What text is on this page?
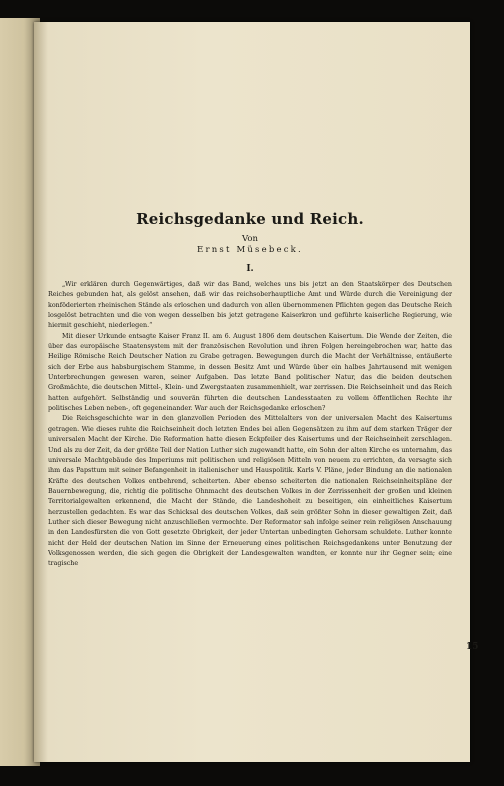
Reichsgedanke und Reich.

Von

Ernst Müsebeck.

I.

„Wir erklären durch Gegenwärtiges, daß wir das Band, welches uns bis jetzt an den Staatskörper des Deutschen Reiches gebunden hat, als gelöst ansehen, daß wir das reichsoberhauptliche Amt und Würde durch die Vereinigung der konföderierten rheinischen Stände als erloschen und dadurch von allen übernommenen Pflichten gegen das Deutsche Reich losgelöst betrachten und die von wegen desselben bis jetzt getragene Kaiserkron und geführte kaiserliche Regierung, wie hiermit geschieht, niederlegen.“

Mit dieser Urkunde entsagte Kaiser Franz II. am 6. August 1806 dem deutschen Kaisertum. Die Wende der Zeiten, die über das europäische Staatensystem mit der französischen Revolution und ihren Folgen hereingebrochen war, hatte das Heilige Römische Reich Deutscher Nation zu Grabe getragen. Bewegungen durch die Macht der Verhältnisse, entäußerte sich der Erbe aus habsburgischem Stamme, in dessen Besitz Amt und Würde über ein halbes Jahrtausend mit wenigen Unterbrechungen gewesen waren, seiner Aufgaben. Das letzte Band politischer Natur, das die beiden deutschen Großmächte, die deutschen Mittel-, Klein- und Zwergstaaten zusammenhielt, war zerrissen. Die Reichseinheit und das Reich hatten aufgehört. Selbständig und souverän führten die deutschen Landesstaaten zu vollem öffentlichen Rechte ihr politisches Leben neben-, oft gegeneinander. War auch der Reichsgedanke erloschen?

Die Reichsgeschichte war in den glanzvollen Perioden des Mittelalters von der universalen Macht des Kaisertums getragen. Wie dieses ruhte die Reichseinheit doch letzten Endes bei allen Gegensätzen zu ihm auf dem starken Träger der universalen Macht der Kirche. Die Reformation hatte diesen Eckpfeiler des Kaisertums und der Reichseinheit zerschlagen. Und als zu der Zeit, da der größte Teil der Nation Luther sich zugewandt hatte, ein Sohn der alten Kirche es unternahm, das universale Machtgebäude des Imperiums mit politischen und religiösen Mitteln von neuem zu errichten, da versagte sich ihm das Papsttum mit seiner Befangenheit in italienischer und Hauspolitik. Karls V. Pläne, jeder Bindung an die nationalen Kräfte des deutschen Volkes entbehrend, scheiterten. Aber ebenso scheiterten die nationalen Reichseinheitspläne der Bauernbewegung, die, richtig die politische Ohnmacht des deutschen Volkes in der Zerrissenheit der großen und kleinen Territorialgewalten erkennend, die Macht der Stände, die Landeshoheit zu beseitigen, ein einheitliches Kaisertum herzustellen gedachten. Es war das Schicksal des deutschen Volkes, daß sein größter Sohn in dieser gewaltigen Zeit, daß Luther sich dieser Bewegung nicht anzuschließen vermochte. Der Reformator sah infolge seiner rein religiösen Anschauung in den Landesfürsten die von Gott gesetzte Obrigkeit, der jeder Untertan unbedingten Gehorsam schuldete. Luther konnte nicht der Held der deutschen Nation im Sinne der Erneuerung eines politischen Reichsgedankens unter Benutzung der Volksgenossen werden, die sich gegen die Obrigkeit der Landesgewalten wandten, er konnte nur ihr Gegner sein; eine tragische

15
